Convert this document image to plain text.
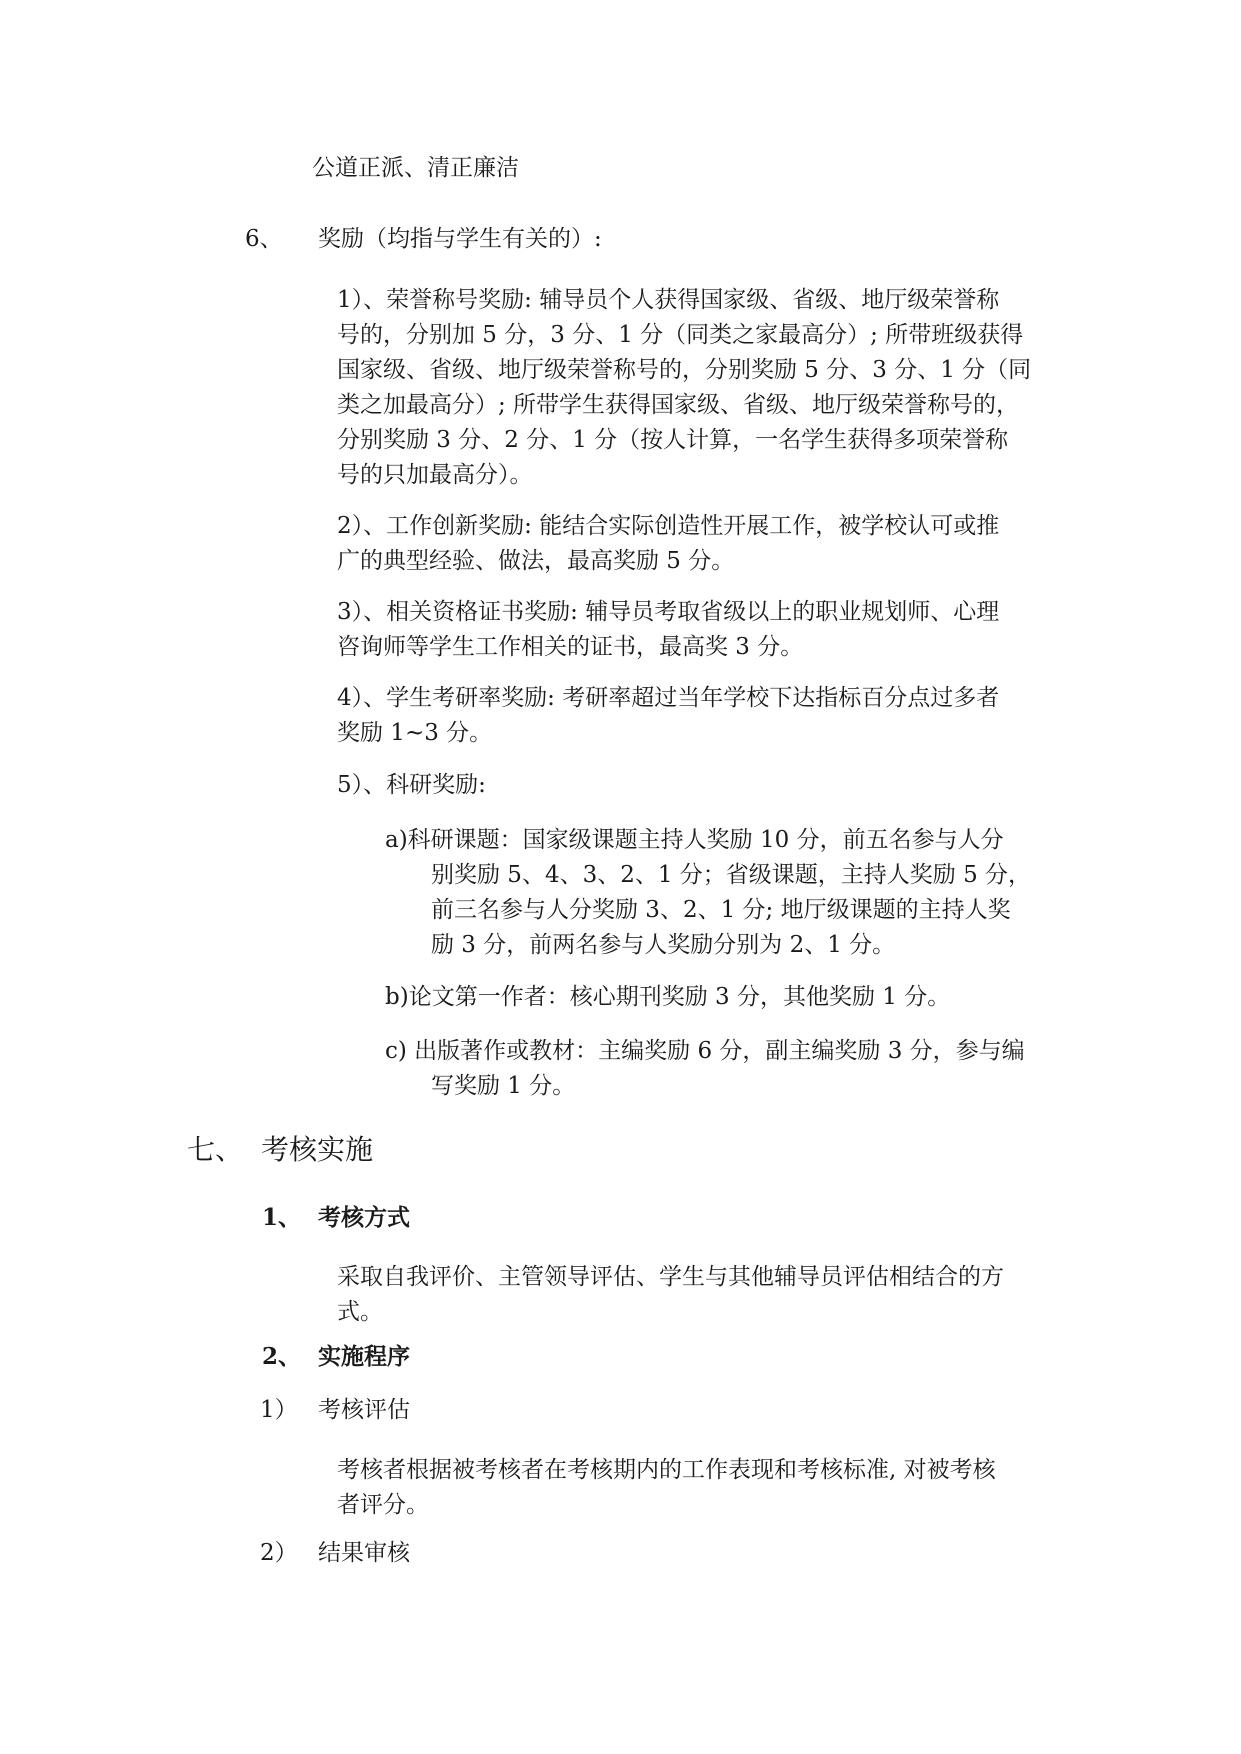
公道正派、清正廉洁
6、 奖励（均指与学生有关的）:
1）、荣誉称号奖励: 辅导员个人获得国家级、省级、地厅级荣誉称
号的，分别加 5 分，3 分、1 分（同类之家最高分）; 所带班级获得
国家级、省级、地厅级荣誉称号的，分别奖励 5 分、3 分、1 分（同
类之加最高分）; 所带学生获得国家级、省级、地厅级荣誉称号的，
分别奖励 3 分、2 分、1 分（按人计算，一名学生获得多项荣誉称
号的只加最高分）。
2）、工作创新奖励: 能结合实际创造性开展工作，被学校认可或推
广的典型经验、做法，最高奖励 5 分。
3）、相关资格证书奖励: 辅导员考取省级以上的职业规划师、心理
咨询师等学生工作相关的证书，最高奖 3 分。
4）、学生考研率奖励: 考研率超过当年学校下达指标百分点过多者
奖励 1~3 分。
5）、科研奖励:
a)科研课题：国家级课题主持人奖励 10 分，前五名参与人分
别奖励 5、4、3、2、1 分；省级课题，主持人奖励 5 分，
前三名参与人分奖励 3、2、1 分; 地厅级课题的主持人奖
励 3 分，前两名参与人奖励分别为 2、1 分。
b)论文第一作者：核心期刊奖励 3 分，其他奖励 1 分。
c) 出版著作或教材：主编奖励 6 分，副主编奖励 3 分，参与编
写奖励 1 分。
七、 考核实施
1、 考核方式
采取自我评价、主管领导评估、学生与其他辅导员评估相结合的方
式。
2、 实施程序
1） 考核评估
考核者根据被考核者在考核期内的工作表现和考核标准, 对被考核
者评分。
2） 结果审核
